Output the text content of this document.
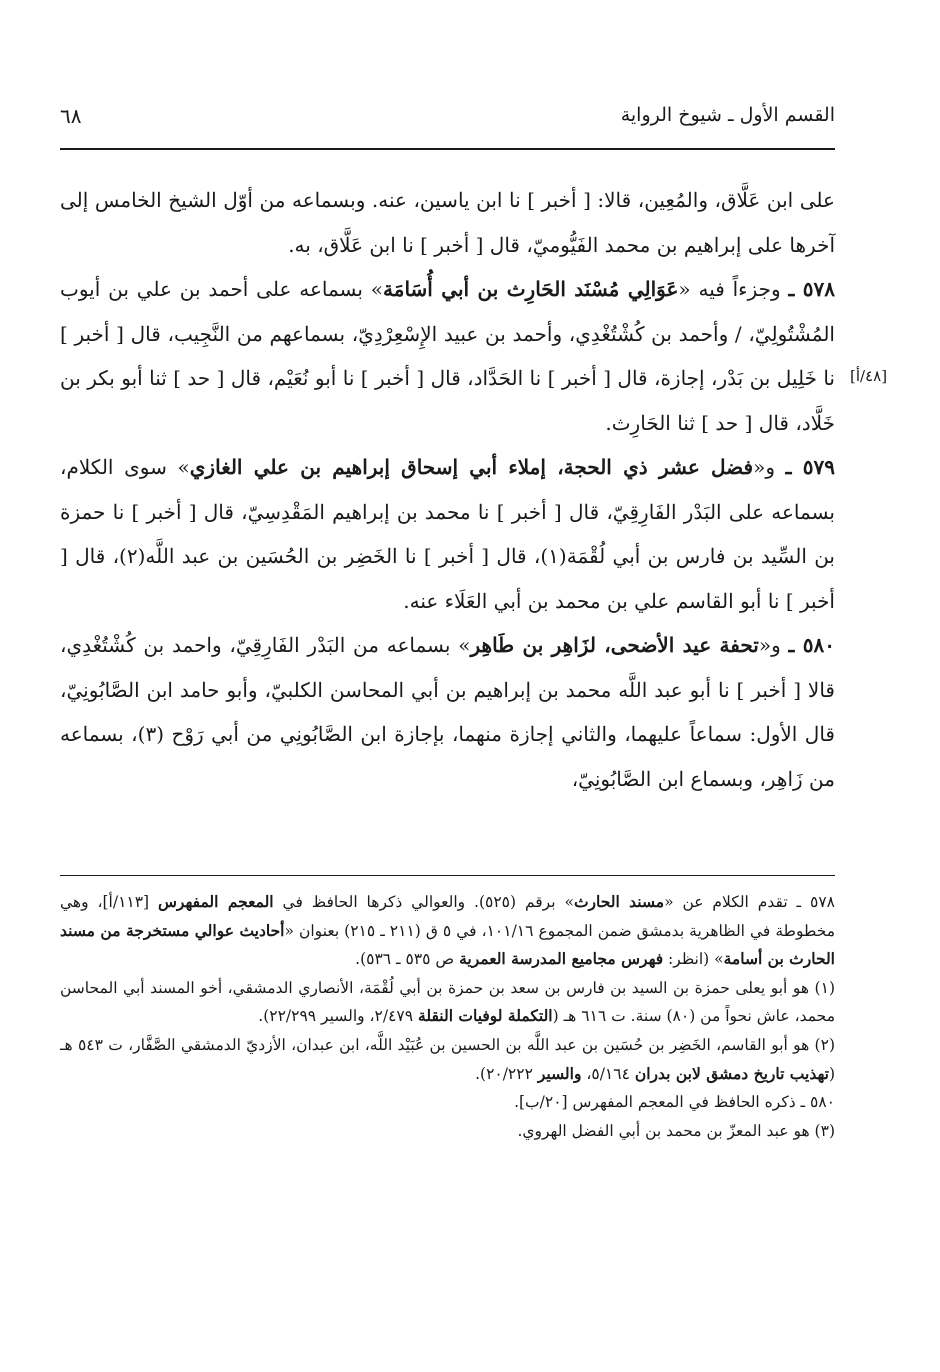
القسم الأول ـ شيوخ الرواية
٦٨
[٤٨/أ]

على ابن عَلَّاق، والمُعِين، قالا: [ أخبر ] نا ابن ياسين، عنه. وبسماعه من أوّل الشيخ الخامس إلى آخرها على إبراهيم بن محمد الفَيُّوميّ، قال [ أخبر ] نا ابن عَلَّاق، به.

٥٧٨ ـ وجزءاً فيه «عَوَالِي مُسْنَد الحَارِث بن أبي أُسَامَة» بسماعه على أحمد بن علي بن أيوب المُشْتُولِيّ، / وأحمد بن كُشْتُغْدِي، وأحمد بن عبيد الإِسْعِرْدِيّ، بسماعهم من النَّجِيب، قال [ أخبر ] نا خَلِيل بن بَدْر، إجازة، قال [ أخبر ] نا الحَدَّاد، قال [ أخبر ] نا أبو نُعَيْم، قال [ حد ] ثنا أبو بكر بن خَلَّاد، قال [ حد ] ثنا الحَارِث.

٥٧٩ ـ و«فضل عشر ذي الحجة، إملاء أبي إسحاق إبراهيم بن علي الغازي» سوى الكلام، بسماعه على البَدْر الفَارِقِيّ، قال [ أخبر ] نا محمد بن إبراهيم المَقْدِسِيّ، قال [ أخبر ] نا حمزة بن السِّيد بن فارس بن أبي لُقْمَة(١)، قال [ أخبر ] نا الخَضِر بن الحُسَين بن عبد اللَّه(٢)، قال [ أخبر ] نا أبو القاسم علي بن محمد بن أبي العَلَاء عنه.

٥٨٠ ـ و«تحفة عيد الأضحى، لزَاهِر بن طَاهِر» بسماعه من البَدْر الفَارِقِيّ، واحمد بن كُشْتُغْدِي، قالا [ أخبر ] نا أبو عبد اللَّه محمد بن إبراهيم بن أبي المحاسن الكلبيّ، وأبو حامد ابن الصَّابُونِيّ، قال الأول: سماعاً عليهما، والثاني إجازة منهما، بإجازة ابن الصَّابُونِي من أبي رَوْح (٣)، بسماعه من زَاهِر، وبسماع ابن الصَّابُونِيّ،

٥٧٨ ـ تقدم الكلام عن «مسند الحارث» برقم (٥٢٥). والعوالي ذكرها الحافظ في المعجم المفهرس [١١٣/أ]، وهي مخطوطة في الظاهرية بدمشق ضمن المجموع ١٠١/١٦، في ٥ ق (٢١١ ـ ٢١٥) بعنوان «أحاديث عوالي مستخرجة من مسند الحارث بن أسامة» (انظر: فهرس مجاميع المدرسة العمرية ص ٥٣٥ ـ ٥٣٦).

(١) هو أبو يعلى حمزة بن السيد بن فارس بن سعد بن حمزة بن أبي لُقْمَة، الأنصاري الدمشقي، أخو المسند أبي المحاسن محمد، عاش نحواً من (٨٠) سنة. ت ٦١٦ هـ (التكملة لوفيات النقلة ٢/٤٧٩، والسير ٢٢/٢٩٩).

(٢) هو أبو القاسم، الخَضِر بن حُسَين بن عبد اللَّه بن الحسين بن عُبَيْد اللَّه، ابن عبدان، الأزديّ الدمشقي الصَّفَّار، ت ٥٤٣ هـ (تهذيب تاريخ دمشق لابن بدران ٥/١٦٤، والسير ٢٠/٢٢٢).

٥٨٠ ـ ذكره الحافظ في المعجم المفهرس [٢٠/ب].

(٣) هو عبد المعزّ بن محمد بن أبي الفضل الهروي.
